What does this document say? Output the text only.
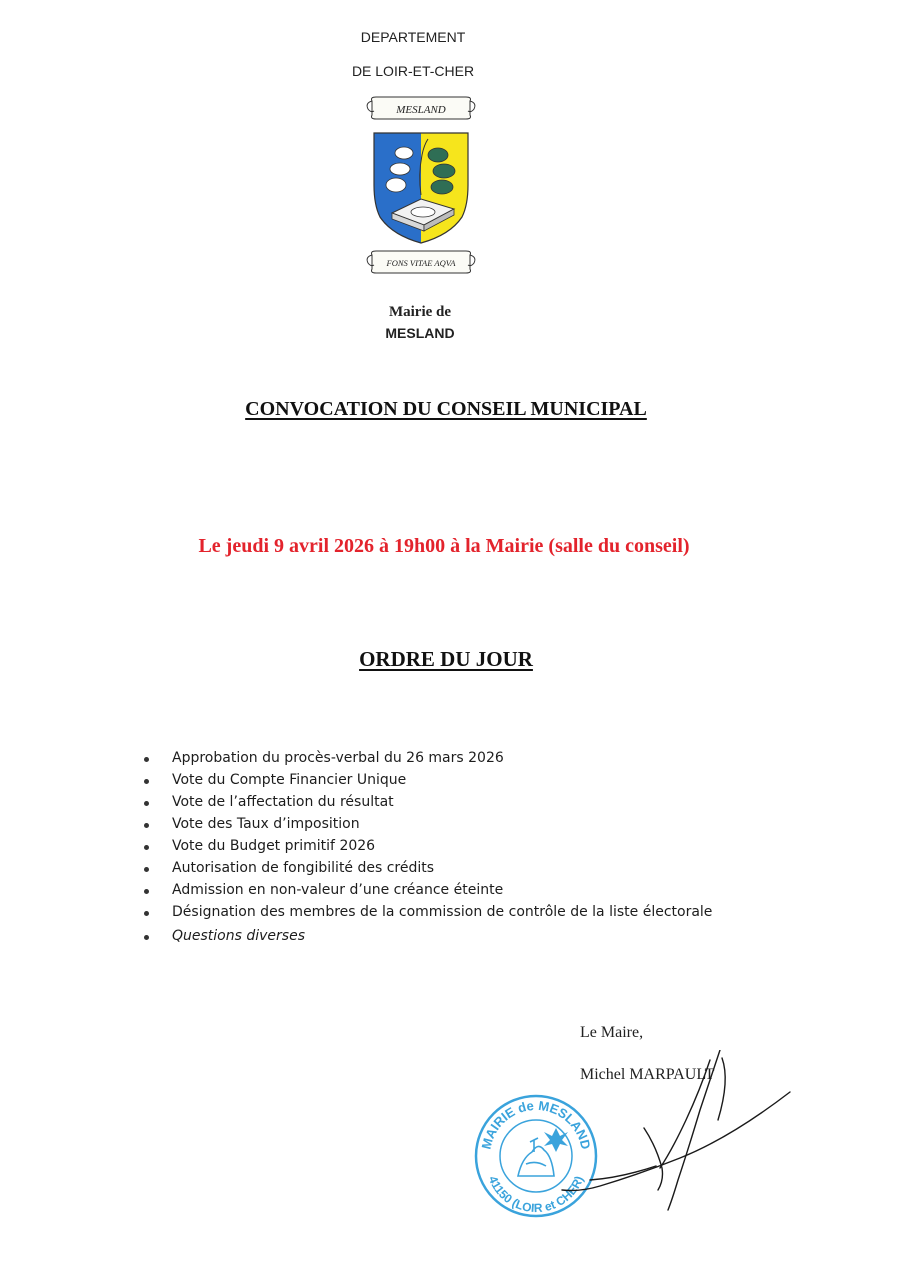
DEPARTEMENT
DE LOIR-ET-CHER
MESLAND
FONS VITAE AQVA
Mairie de
MESLAND
CONVOCATION DU CONSEIL MUNICIPAL
Le jeudi 9 avril 2026 à 19h00 à la Mairie (salle du conseil)
ORDRE DU JOUR
Approbation du procès-verbal du 26 mars 2026
Vote du Compte Financier Unique
Vote de l’affectation du résultat
Vote des Taux d’imposition
Vote du Budget primitif 2026
Autorisation de fongibilité des crédits
Admission en non-valeur d’une créance éteinte
Désignation des membres de la commission de contrôle de la liste électorale
Questions diverses
Le Maire,
Michel MARPAULT
MAIRIE de MESLAND
41150 (LOIR et CHER)
